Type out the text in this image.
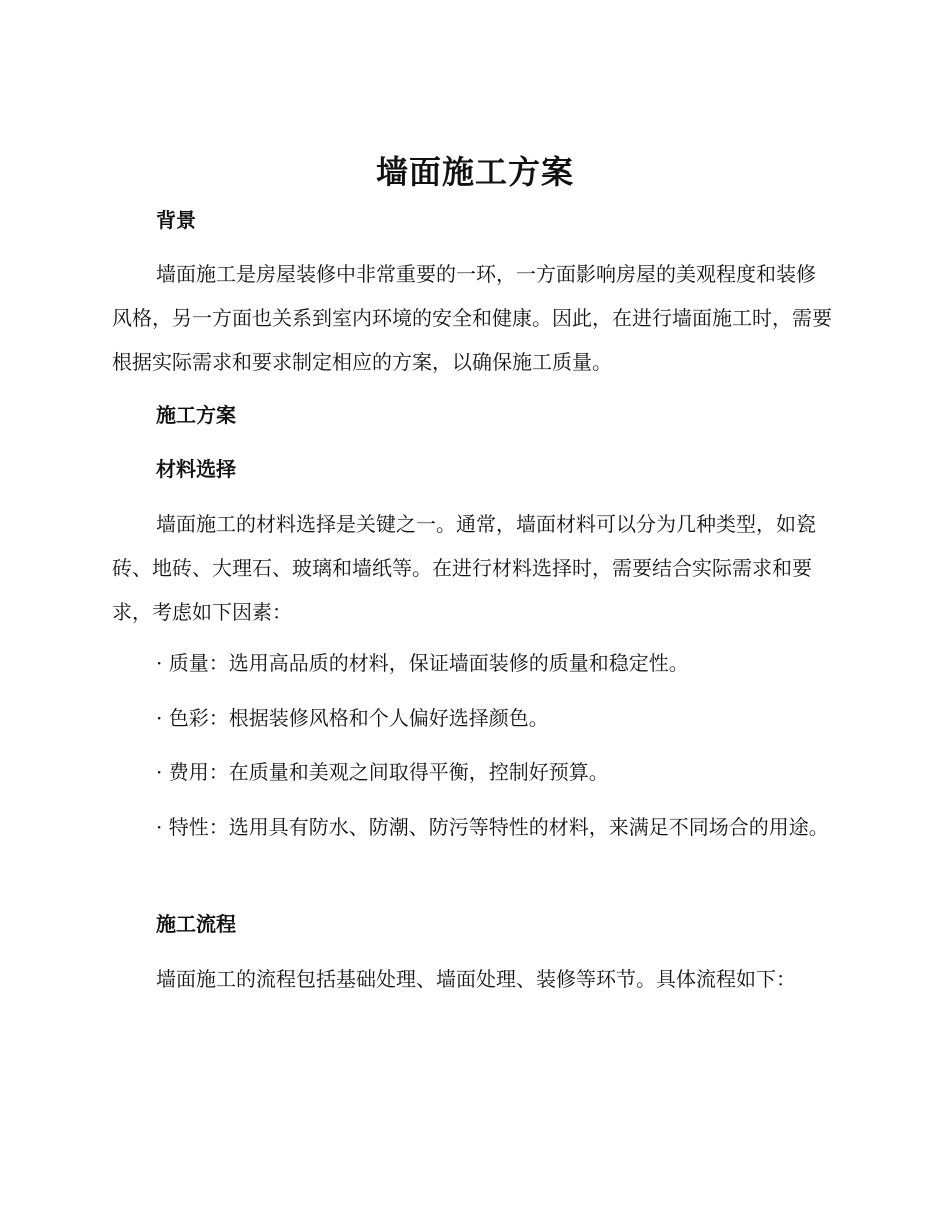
墙面施工方案
背景

墙面施工是房屋装修中非常重要的一环，一方面影响房屋的美观程度和装修风格，另一方面也关系到室内环境的安全和健康。因此，在进行墙面施工时，需要根据实际需求和要求制定相应的方案，以确保施工质量。

施工方案
材料选择

墙面施工的材料选择是关键之一。通常，墙面材料可以分为几种类型，如瓷砖、地砖、大理石、玻璃和墙纸等。在进行材料选择时，需要结合实际需求和要求，考虑如下因素：

· 质量：选用高品质的材料，保证墙面装修的质量和稳定性。

· 色彩：根据装修风格和个人偏好选择颜色。

· 费用：在质量和美观之间取得平衡，控制好预算。

· 特性：选用具有防水、防潮、防污等特性的材料，来满足不同场合的用途。

施工流程

墙面施工的流程包括基础处理、墙面处理、装修等环节。具体流程如下：
